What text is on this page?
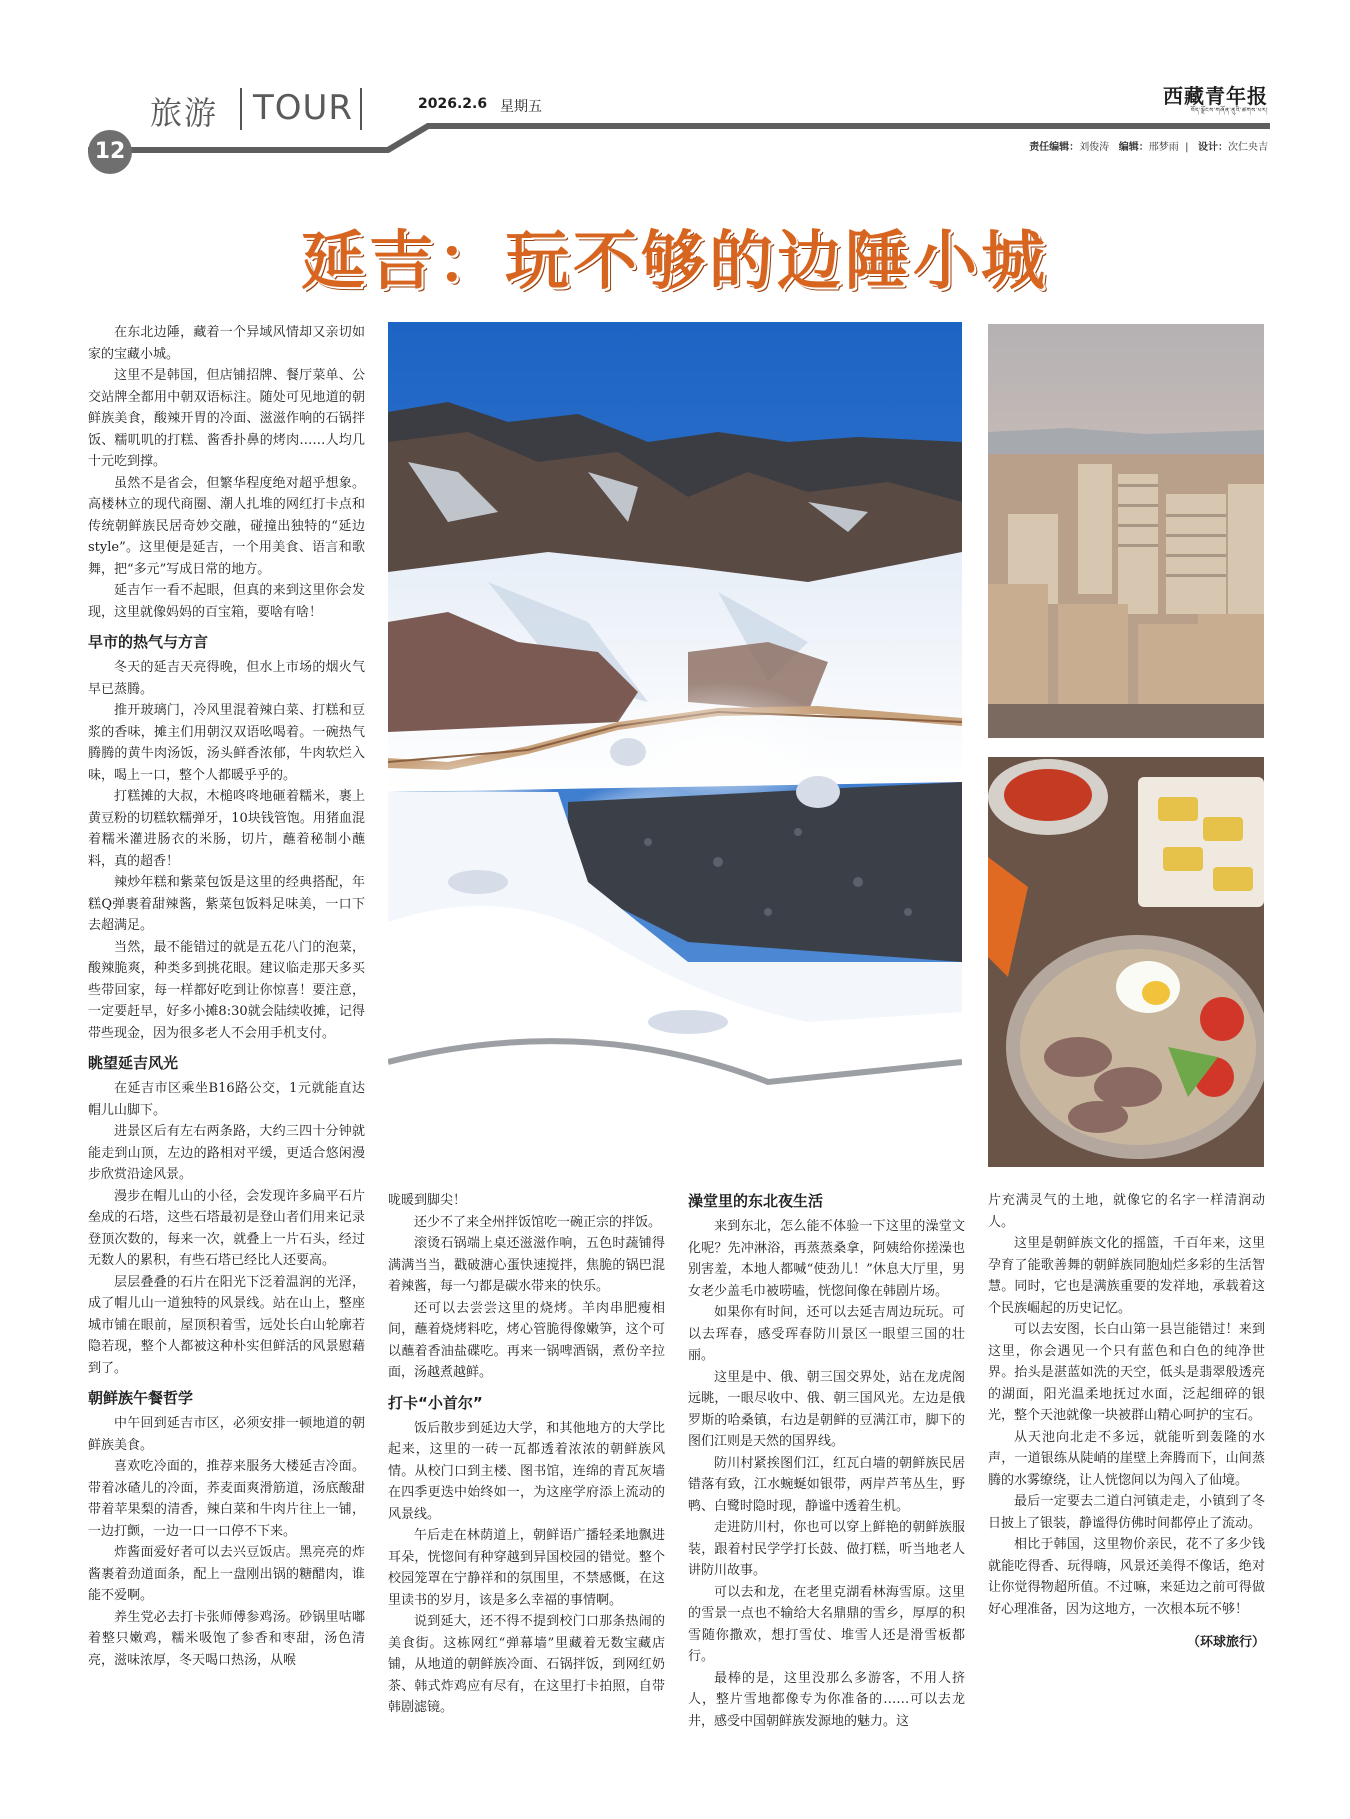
旅游 TOUR	2026.2.6 星期五	西藏青年报
བོད་ལྗོངས་གཞོན་ནུའི་ཚགས་པར།
12	责任编辑：刘俊涛 编辑：邢梦雨  |   设计：次仁央吉
延吉：玩不够的边陲小城

在东北边陲，藏着一个异域风情却又亲切如家的宝藏小城。

这里不是韩国，但店铺招牌、餐厅菜单、公交站牌全都用中朝双语标注。随处可见地道的朝鲜族美食，酸辣开胃的冷面、滋滋作响的石锅拌饭、糯叽叽的打糕、酱香扑鼻的烤肉……人均几十元吃到撑。

虽然不是省会，但繁华程度绝对超乎想象。高楼林立的现代商圈、潮人扎堆的网红打卡点和传统朝鲜族民居奇妙交融，碰撞出独特的“延边style”。这里便是延吉，一个用美食、语言和歌舞，把“多元”写成日常的地方。

延吉乍一看不起眼，但真的来到这里你会发现，这里就像妈妈的百宝箱，要啥有啥！

早市的热气与方言

冬天的延吉天亮得晚，但水上市场的烟火气早已蒸腾。

推开玻璃门，冷风里混着辣白菜、打糕和豆浆的香味，摊主们用朝汉双语吆喝着。一碗热气腾腾的黄牛肉汤饭，汤头鲜香浓郁，牛肉软烂入味，喝上一口，整个人都暖乎乎的。

打糕摊的大叔，木槌咚咚地砸着糯米，裹上黄豆粉的切糕软糯弹牙，10块钱管饱。用猪血混着糯米灌进肠衣的米肠，切片，蘸着秘制小蘸料，真的超香！

辣炒年糕和紫菜包饭是这里的经典搭配，年糕Q弹裹着甜辣酱，紫菜包饭料足味美，一口下去超满足。

当然，最不能错过的就是五花八门的泡菜，酸辣脆爽，种类多到挑花眼。建议临走那天多买些带回家，每一样都好吃到让你惊喜！要注意，一定要赶早，好多小摊8:30就会陆续收摊，记得带些现金，因为很多老人不会用手机支付。

眺望延吉风光

在延吉市区乘坐B16路公交，1元就能直达帽儿山脚下。

进景区后有左右两条路，大约三四十分钟就能走到山顶，左边的路相对平缓，更适合悠闲漫步欣赏沿途风景。

漫步在帽儿山的小径，会发现许多扁平石片垒成的石塔，这些石塔最初是登山者们用来记录登顶次数的，每来一次，就叠上一片石头，经过无数人的累积，有些石塔已经比人还要高。

层层叠叠的石片在阳光下泛着温润的光泽，成了帽儿山一道独特的风景线。站在山上，整座城市铺在眼前，屋顶积着雪，远处长白山轮廓若隐若现，整个人都被这种朴实但鲜活的风景慰藉到了。

朝鲜族午餐哲学

中午回到延吉市区，必须安排一顿地道的朝鲜族美食。

喜欢吃冷面的，推荐来服务大楼延吉冷面。带着冰碴儿的冷面，荞麦面爽滑筋道，汤底酸甜带着苹果梨的清香，辣白菜和牛肉片往上一铺，一边打颤，一边一口一口停不下来。

炸酱面爱好者可以去兴豆饭店。黑亮亮的炸酱裹着劲道面条，配上一盘刚出锅的糖醋肉，谁能不爱啊。

养生党必去打卡张师傅参鸡汤。砂锅里咕嘟着整只嫩鸡，糯米吸饱了参香和枣甜，汤色清亮，滋味浓厚，冬天喝口热汤，从喉

咙暖到脚尖！

还少不了来全州拌饭馆吃一碗正宗的拌饭。

滚烫石锅端上桌还滋滋作响，五色时蔬铺得满满当当，戳破溏心蛋快速搅拌，焦脆的锅巴混着辣酱，每一勺都是碳水带来的快乐。

还可以去尝尝这里的烧烤。羊肉串肥瘦相间，蘸着烧烤料吃，烤心管脆得像嫩笋，这个可以蘸着香油盐碟吃。再来一锅啤酒锅，煮份辛拉面，汤越煮越鲜。

打卡“小首尔”

饭后散步到延边大学，和其他地方的大学比起来，这里的一砖一瓦都透着浓浓的朝鲜族风情。从校门口到主楼、图书馆，连绵的青瓦灰墙在四季更迭中始终如一，为这座学府添上流动的风景线。

午后走在林荫道上，朝鲜语广播轻柔地飘进耳朵，恍惚间有种穿越到异国校园的错觉。整个校园笼罩在宁静祥和的氛围里，不禁感慨，在这里读书的岁月，该是多么幸福的事情啊。

说到延大，还不得不提到校门口那条热闹的美食街。这栋网红“弹幕墙”里藏着无数宝藏店铺，从地道的朝鲜族冷面、石锅拌饭，到网红奶茶、韩式炸鸡应有尽有，在这里打卡拍照，自带韩剧滤镜。

澡堂里的东北夜生活

来到东北，怎么能不体验一下这里的澡堂文化呢？先冲淋浴，再蒸蒸桑拿，阿姨给你搓澡也别害羞，本地人都喊“使劲儿！”休息大厅里，男女老少盖毛巾被唠嗑，恍惚间像在韩剧片场。

如果你有时间，还可以去延吉周边玩玩。可以去珲春，感受珲春防川景区一眼望三国的壮丽。

这里是中、俄、朝三国交界处，站在龙虎阁远眺，一眼尽收中、俄、朝三国风光。左边是俄罗斯的哈桑镇，右边是朝鲜的豆满江市，脚下的图们江则是天然的国界线。

防川村紧挨图们江，红瓦白墙的朝鲜族民居错落有致，江水蜿蜒如银带，两岸芦苇丛生，野鸭、白鹭时隐时现，静谧中透着生机。

走进防川村，你也可以穿上鲜艳的朝鲜族服装，跟着村民学学打长鼓、做打糕，听当地老人讲防川故事。

可以去和龙，在老里克湖看林海雪原。这里的雪景一点也不输给大名鼎鼎的雪乡，厚厚的积雪随你撒欢，想打雪仗、堆雪人还是滑雪板都行。

最棒的是，这里没那么多游客，不用人挤人，整片雪地都像专为你准备的……可以去龙井，感受中国朝鲜族发源地的魅力。这

片充满灵气的土地，就像它的名字一样清润动人。

这里是朝鲜族文化的摇篮，千百年来，这里孕育了能歌善舞的朝鲜族同胞灿烂多彩的生活智慧。同时，它也是满族重要的发祥地，承载着这个民族崛起的历史记忆。

可以去安图，长白山第一县岂能错过！来到这里，你会遇见一个只有蓝色和白色的纯净世界。抬头是湛蓝如洗的天空，低头是翡翠般透亮的湖面，阳光温柔地抚过水面，泛起细碎的银光，整个天池就像一块被群山精心呵护的宝石。

从天池向北走不多远，就能听到轰隆的水声，一道银练从陡峭的崖壁上奔腾而下，山间蒸腾的水雾缭绕，让人恍惚间以为闯入了仙境。

最后一定要去二道白河镇走走，小镇到了冬日披上了银装，静谧得仿佛时间都停止了流动。

相比于韩国，这里物价亲民，花不了多少钱就能吃得香、玩得嗨，风景还美得不像话，绝对让你觉得物超所值。不过嘛，来延边之前可得做好心理准备，因为这地方，一次根本玩不够！

（环球旅行）
